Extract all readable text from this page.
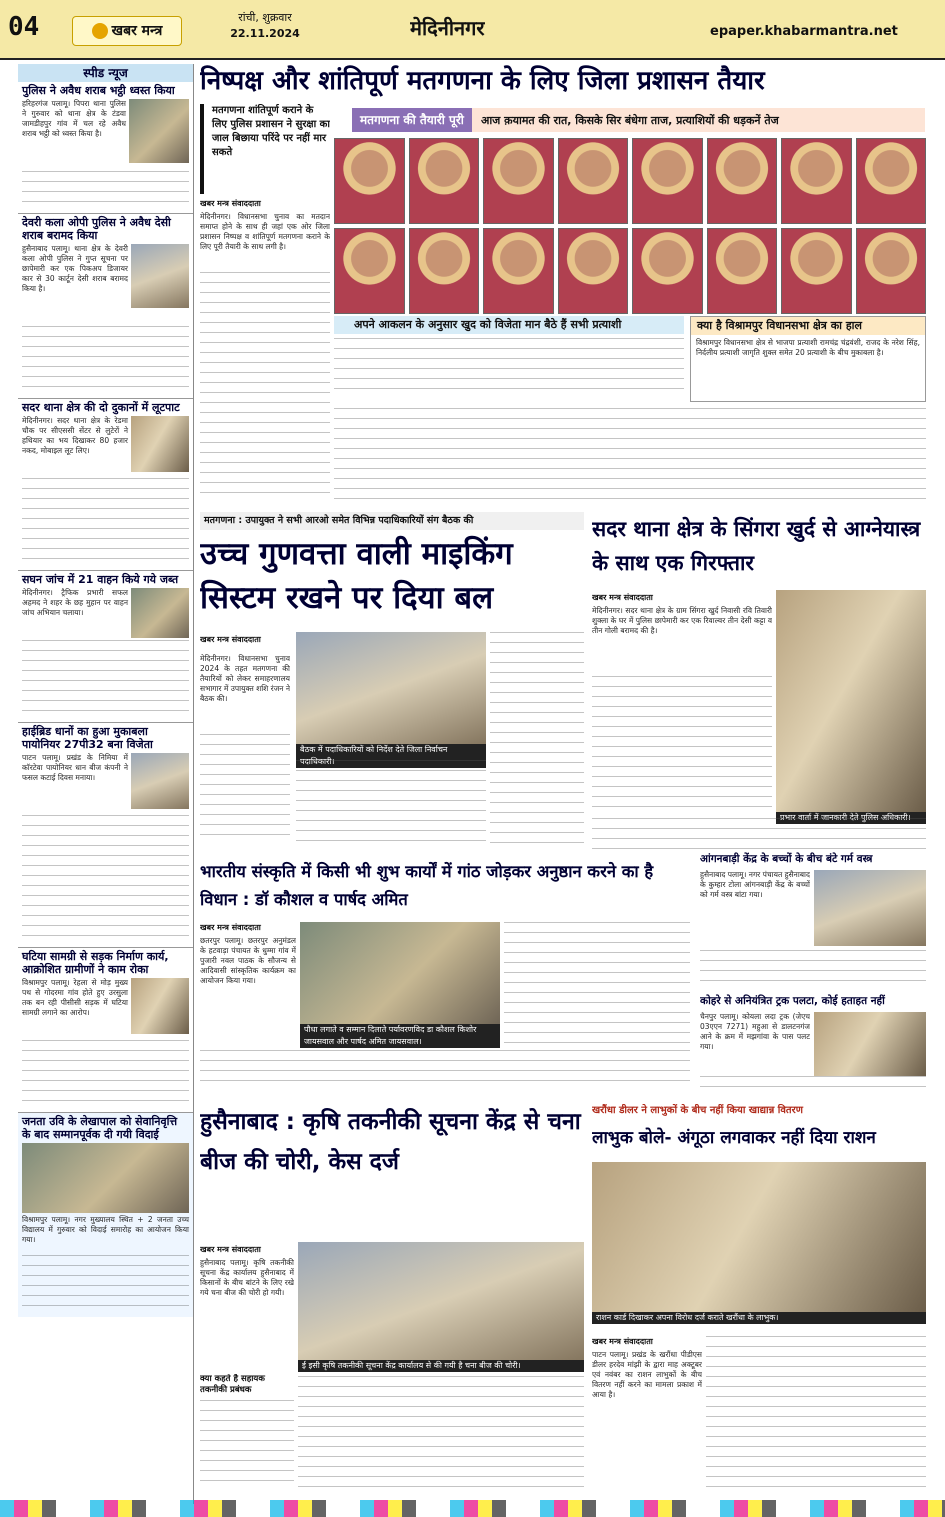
04	खबर मन्त्र
रांची, शुक्रवार
22.11.2024	मेदिनीनगर	epaper.khabarmantra.net
स्पीड न्यूज
पुलिस ने अवैध शराब भट्ठी ध्वस्त किया
हरिहरगंज पलामू। पिपरा थाना पुलिस ने गुरुवार को थाना क्षेत्र के टंडवा जामडीहपुर गांव में चल रहे अवैध शराब भट्ठी को ध्वस्त किया है।
देवरी कला ओपी पुलिस ने अवैध देसी शराब बरामद किया
हुसैनाबाद पलामू। थाना क्षेत्र के देवरी कला ओपी पुलिस ने गुप्त सूचना पर छापेमारी कर एक पिकअप डिजायर कार से 30 कार्टून देसी शराब बरामद किया है।
सदर थाना क्षेत्र की दो दुकानों में लूटपाट
मेदिनीनगर। सदर थाना क्षेत्र के रेडमा चौक पर सीएससी सेंटर से लुटेरों ने हथियार का भय दिखाकर 80 हजार नकद, मोबाइल लूट लिए।
सघन जांच में 21 वाहन किये गये जब्त
मेदिनीनगर। ट्रैफिक प्रभारी सफल अहमद ने शहर के छह मुहान पर वाहन जांच अभियान चलाया।
हाईब्रिड धानों का हुआ मुकाबला पायोनियर 27पी32 बना विजेता
पाटन पलामू। प्रखंड के निमिया में कॉरटेवा पायोनियर धान बीज कंपनी ने फसल कटाई दिवस मनाया।
घटिया सामग्री से सड़क निर्माण कार्य, आक्रोशित ग्रामीणों ने काम रोका
विश्रामपुर पलामू। रेहला से मोड़ मुख्य पथ से गोदरमा गांव होते हुए उरसुला तक बन रही पीसीसी सड़क में घटिया सामग्री लगाने का आरोप।
जनता उवि के लेखापाल को सेवानिवृत्ति के बाद सम्मानपूर्वक दी गयी विदाई
विश्रामपुर पलामू। नगर मुख्यालय स्थित + 2 जनता उच्च विद्यालय में गुरुवार को विदाई समारोह का आयोजन किया गया।
निष्पक्ष और शांतिपूर्ण मतगणना के लिए जिला प्रशासन तैयार
मतगणना शांतिपूर्ण कराने के लिए पुलिस प्रशासन ने सुरक्षा का जाल बिछाया परिंदे पर नहीं मार सकते
मतगणना की तैयारी पूरी आज क़यामत की रात, किसके सिर बंधेगा ताज, प्रत्याशियों की धड़कनें तेज
खबर मन्त्र संवाददाता
मेदिनीनगर। विधानसभा चुनाव का मतदान समाप्त होने के साथ ही जहां एक ओर जिला प्रशासन निष्पक्ष व शांतिपूर्ण मतगणना कराने के लिए पूरी तैयारी के साथ लगी है।
अपने आकलन के अनुसार खुद को विजेता मान बैठे हैं सभी प्रत्याशी	क्या है विश्रामपुर विधानसभा क्षेत्र का हाल
विश्रामपुर विधानसभा क्षेत्र से भाजपा प्रत्याशी रामचंद्र चंद्रवंशी, राजद के नरेश सिंह, निर्दलीय प्रत्याशी जागृति शुक्ल समेत 20 प्रत्याशी के बीच मुकाबला है।
मतगणना : उपायुक्त ने सभी आरओ समेत विभिन्न पदाधिकारियों संग बैठक की
उच्च गुणवत्ता वाली माइकिंग सिस्टम रखने पर दिया बल
खबर मन्त्र संवाददाता
मेदिनीनगर। विधानसभा चुनाव 2024 के तहत मतगणना की तैयारियों को लेकर समाहरणालय सभागार में उपायुक्त शशि रंजन ने बैठक की।
बैठक में पदाधिकारियों को निर्देश देते जिला निर्वाचन पदाधिकारी।
सदर थाना क्षेत्र के सिंगरा खुर्द से आग्नेयास्त्र के साथ एक गिरफ्तार
खबर मन्त्र संवाददाता
मेदिनीनगर। सदर थाना क्षेत्र के ग्राम सिंगरा खुर्द निवासी रवि तिवारी शुक्ला के घर में पुलिस छापेमारी कर एक रिवाल्वर तीन देसी कट्टा व तीन गोली बरामद की है।
प्रभार वार्ता में जानकारी देते पुलिस अधिकारी।
भारतीय संस्कृति में किसी भी शुभ कार्यों में गांठ जोड़कर अनुष्ठान करने का है विधान : डॉ कौशल व पार्षद अमित
खबर मन्त्र संवाददाता
छतरपुर पलामू। छतरपुर अनुमंडल के हटवाड़ा पंचायत के धुम्मा गांव में पुजारी नवल पाठक के सौजन्य से आदिवासी सांस्कृतिक कार्यक्रम का आयोजन किया गया।
पौधा लगाते व सम्मान दिलाते पर्यावरणविद डा कौशल किशोर जायसवाल और पार्षद अमित जायसवाल।
आंगनबाड़ी केंद्र के बच्चों के बीच बंटे गर्म वस्त्र
हुसैनाबाद पलामू। नगर पंचायत हुसैनाबाद के कुम्हार टोला आंगनबाड़ी केंद्र के बच्चों को गर्म वस्त्र बांटा गया।
कोहरे से अनियंत्रित ट्रक पलटा, कोई हताहत नहीं
चैनपुर पलामू। कोयला लदा ट्रक (जेएच 03एएन 7271) महुआ से डालटनगंज आने के क्रम में मझगांवा के पास पलट गया।
हुसैनाबाद : कृषि तकनीकी सूचना केंद्र से चना बीज की चोरी, केस दर्ज
खबर मन्त्र संवाददाता
हुसैनाबाद पलामू। कृषि तकनीकी सूचना केंद्र कार्यालय हुसैनाबाद में किसानों के बीच बांटने के लिए रखे गये चना बीज की चोरी हो गयी।
क्या कहते है सहायक तकनीकी प्रबंधक
ई इसी कृषि तकनीकी सूचना केंद्र कार्यालय से की गयी है चना बीज की चोरी।
खरौंधा डीलर ने लाभुकों के बीच नहीं किया खाद्यान्न वितरण
लाभुक बोले- अंगूठा लगवाकर नहीं दिया राशन
राशन कार्ड दिखाकर अपना विरोध दर्ज कराते खरौंधा के लाभुक।
खबर मन्त्र संवाददाता
पाटन पलामू। प्रखंड के खरौंधा पीडीएस डीलर हरदेव मांझी के द्वारा माह अक्टूबर एवं नवंबर का राशन लाभुकों के बीच वितरण नहीं करने का मामला प्रकाश में आया है।
